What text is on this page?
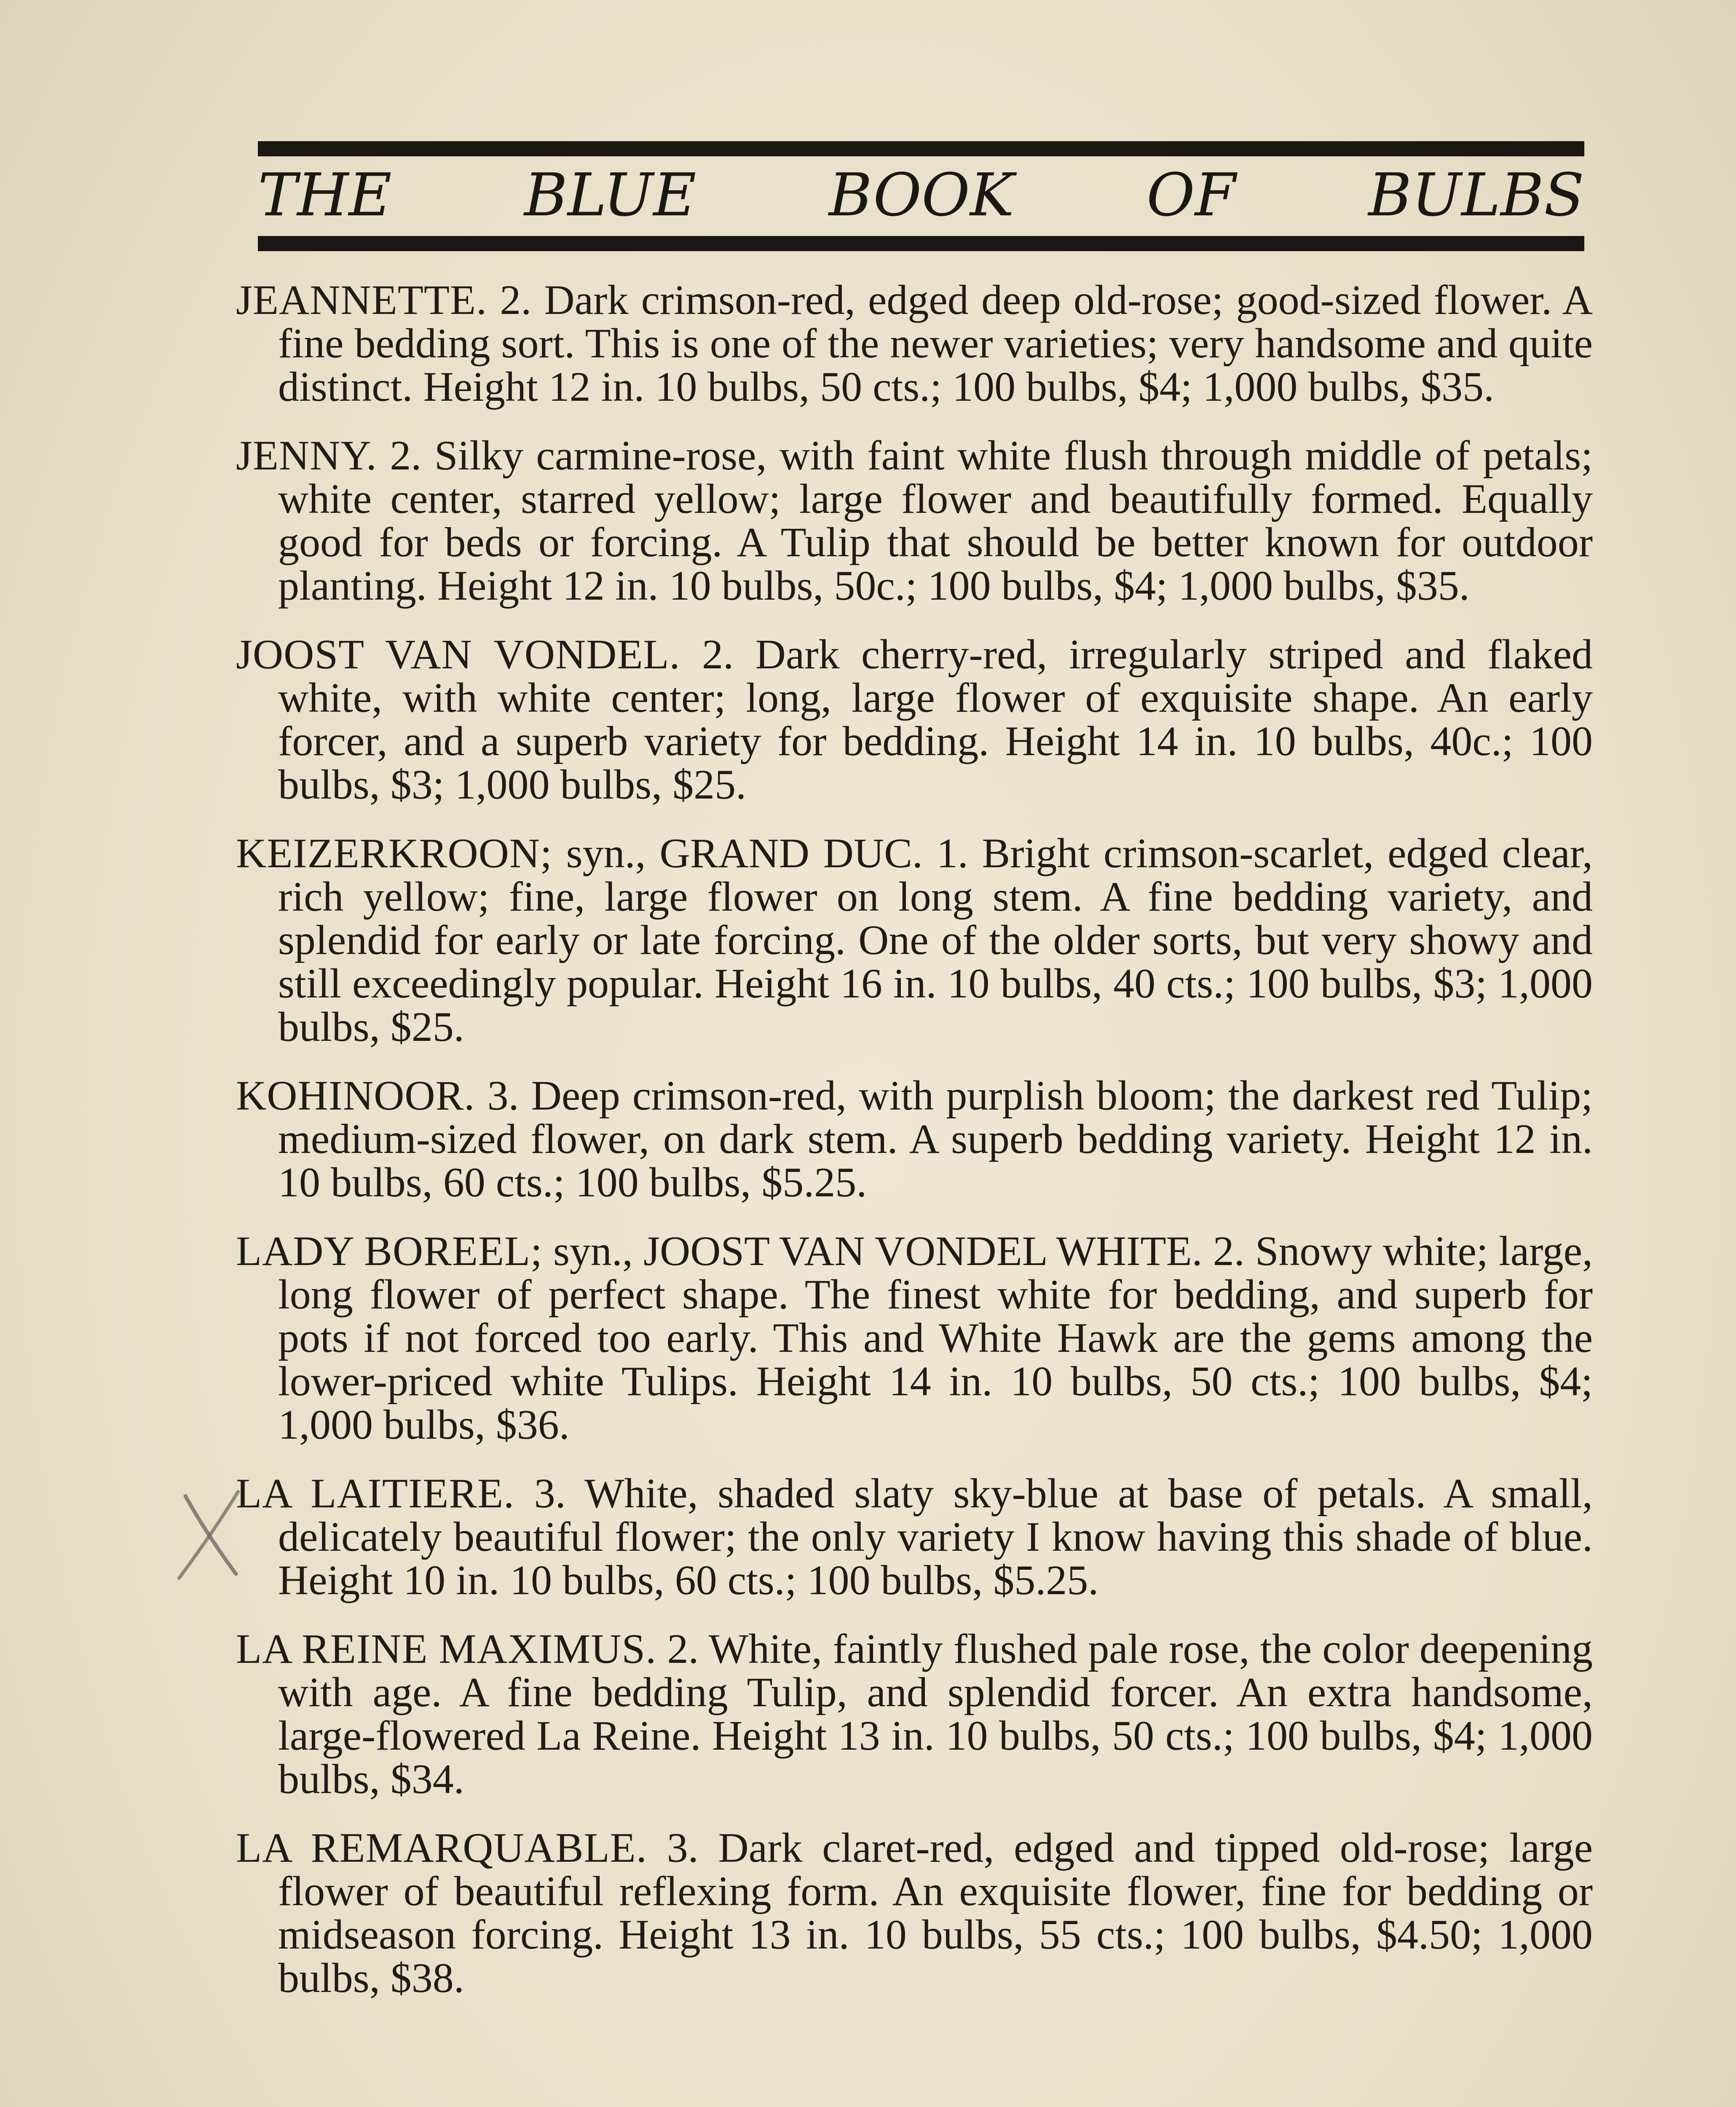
THE BLUE BOOK OF BULBS

JEANNETTE. 2. Dark crimson-red, edged deep old-rose; good-sized flower. A fine bedding sort. This is one of the newer varieties; very handsome and quite distinct. Height 12 in. 10 bulbs, 50 cts.; 100 bulbs, $4; 1,000 bulbs, $35.

JENNY. 2. Silky carmine-rose, with faint white flush through middle of petals; white center, starred yellow; large flower and beautifully formed. Equally good for beds or forcing. A Tulip that should be better known for outdoor planting. Height 12 in. 10 bulbs, 50c.; 100 bulbs, $4; 1,000 bulbs, $35.

JOOST VAN VONDEL. 2. Dark cherry-red, irregularly striped and flaked white, with white center; long, large flower of exquisite shape. An early forcer, and a superb variety for bedding. Height 14 in. 10 bulbs, 40c.; 100 bulbs, $3; 1,000 bulbs, $25.

KEIZERKROON; syn., GRAND DUC. 1. Bright crimson-scarlet, edged clear, rich yellow; fine, large flower on long stem. A fine bedding variety, and splendid for early or late forcing. One of the older sorts, but very showy and still exceedingly popular. Height 16 in. 10 bulbs, 40 cts.; 100 bulbs, $3; 1,000 bulbs, $25.

KOHINOOR. 3. Deep crimson-red, with purplish bloom; the darkest red Tulip; medium-sized flower, on dark stem. A superb bedding variety. Height 12 in. 10 bulbs, 60 cts.; 100 bulbs, $5.25.

LADY BOREEL; syn., JOOST VAN VONDEL WHITE. 2. Snowy white; large, long flower of perfect shape. The finest white for bedding, and superb for pots if not forced too early. This and White Hawk are the gems among the lower-priced white Tulips. Height 14 in. 10 bulbs, 50 cts.; 100 bulbs, $4; 1,000 bulbs, $36.

LA LAITIERE. 3. White, shaded slaty sky-blue at base of petals. A small, delicately beautiful flower; the only variety I know having this shade of blue. Height 10 in. 10 bulbs, 60 cts.; 100 bulbs, $5.25.

LA REINE MAXIMUS. 2. White, faintly flushed pale rose, the color deepening with age. A fine bedding Tulip, and splendid forcer. An extra handsome, large-flowered La Reine. Height 13 in. 10 bulbs, 50 cts.; 100 bulbs, $4; 1,000 bulbs, $34.

LA REMARQUABLE. 3. Dark claret-red, edged and tipped old-rose; large flower of beautiful reflexing form. An exquisite flower, fine for bedding or midseason forcing. Height 13 in. 10 bulbs, 55 cts.; 100 bulbs, $4.50; 1,000 bulbs, $38.
